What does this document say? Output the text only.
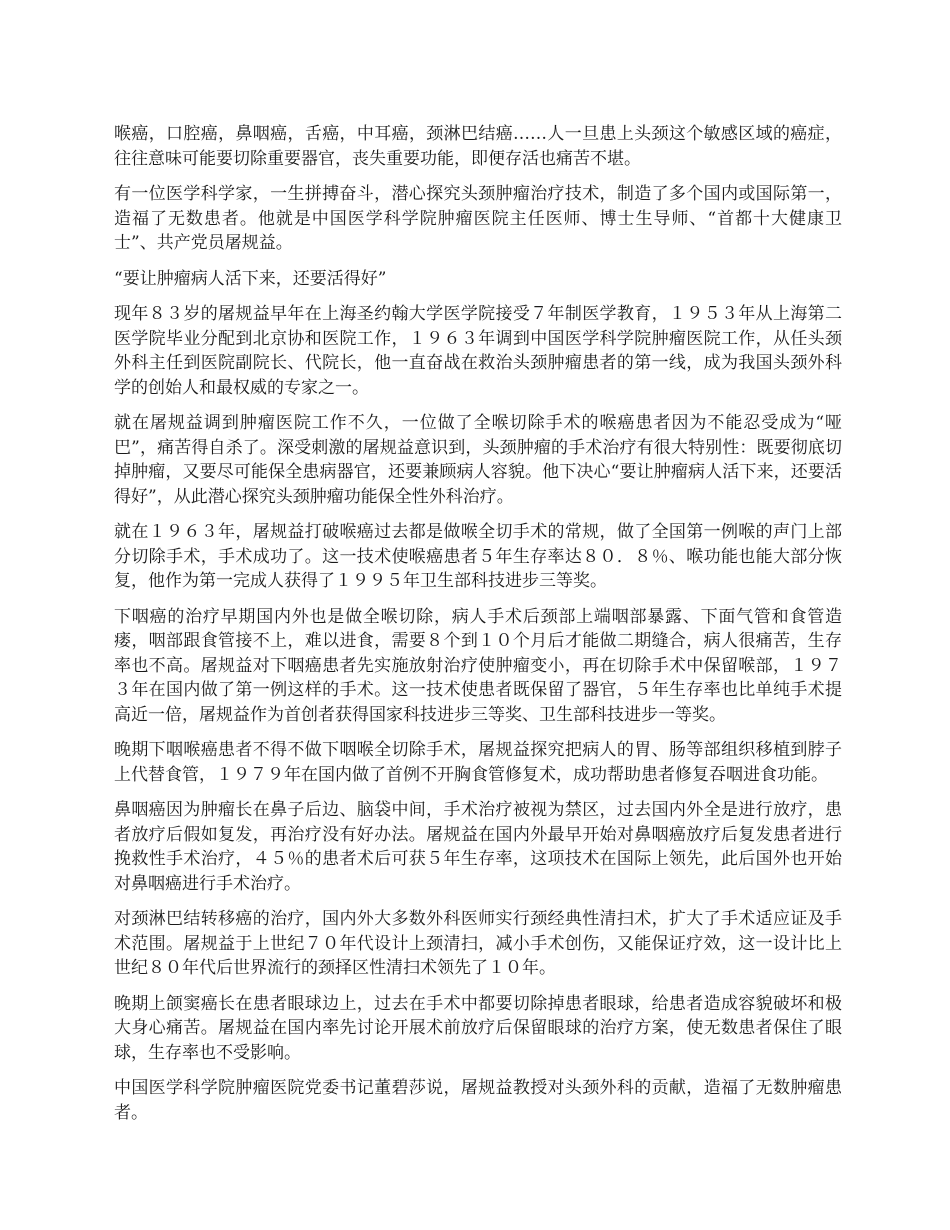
喉癌，口腔癌，鼻咽癌，舌癌，中耳癌，颈淋巴结癌……人一旦患上头颈这个敏感区域的癌症，往往意味可能要切除重要器官，丧失重要功能，即便存活也痛苦不堪。

有一位医学科学家，一生拼搏奋斗，潜心探究头颈肿瘤治疗技术，制造了多个国内或国际第一，造福了无数患者。他就是中国医学科学院肿瘤医院主任医师、博士生导师、“首都十大健康卫士”、共产党员屠规益。

“要让肿瘤病人活下来，还要活得好”

现年８３岁的屠规益早年在上海圣约翰大学医学院接受７年制医学教育，１９５３年从上海第二医学院毕业分配到北京协和医院工作，１９６３年调到中国医学科学院肿瘤医院工作，从任头颈外科主任到医院副院长、代院长，他一直奋战在救治头颈肿瘤患者的第一线，成为我国头颈外科学的创始人和最权威的专家之一。

就在屠规益调到肿瘤医院工作不久，一位做了全喉切除手术的喉癌患者因为不能忍受成为“哑巴”，痛苦得自杀了。深受刺激的屠规益意识到，头颈肿瘤的手术治疗有很大特别性：既要彻底切掉肿瘤，又要尽可能保全患病器官，还要兼顾病人容貌。他下决心“要让肿瘤病人活下来，还要活得好”，从此潜心探究头颈肿瘤功能保全性外科治疗。

就在１９６３年，屠规益打破喉癌过去都是做喉全切手术的常规，做了全国第一例喉的声门上部分切除手术，手术成功了。这一技术使喉癌患者５年生存率达８０．８％、喉功能也能大部分恢复，他作为第一完成人获得了１９９５年卫生部科技进步三等奖。

下咽癌的治疗早期国内外也是做全喉切除，病人手术后颈部上端咽部暴露、下面气管和食管造瘘，咽部跟食管接不上，难以进食，需要８个到１０个月后才能做二期缝合，病人很痛苦，生存率也不高。屠规益对下咽癌患者先实施放射治疗使肿瘤变小，再在切除手术中保留喉部，１９７３年在国内做了第一例这样的手术。这一技术使患者既保留了器官，５年生存率也比单纯手术提高近一倍，屠规益作为首创者获得国家科技进步三等奖、卫生部科技进步一等奖。

晚期下咽喉癌患者不得不做下咽喉全切除手术，屠规益探究把病人的胃、肠等部组织移植到脖子上代替食管，１９７９年在国内做了首例不开胸食管修复术，成功帮助患者修复吞咽进食功能。

鼻咽癌因为肿瘤长在鼻子后边、脑袋中间，手术治疗被视为禁区，过去国内外全是进行放疗，患者放疗后假如复发，再治疗没有好办法。屠规益在国内外最早开始对鼻咽癌放疗后复发患者进行挽救性手术治疗，４５％的患者术后可获５年生存率，这项技术在国际上领先，此后国外也开始对鼻咽癌进行手术治疗。

对颈淋巴结转移癌的治疗，国内外大多数外科医师实行颈经典性清扫术，扩大了手术适应证及手术范围。屠规益于上世纪７０年代设计上颈清扫，减小手术创伤，又能保证疗效，这一设计比上世纪８０年代后世界流行的颈择区性清扫术领先了１０年。

晚期上颌窦癌长在患者眼球边上，过去在手术中都要切除掉患者眼球，给患者造成容貌破坏和极大身心痛苦。屠规益在国内率先讨论开展术前放疗后保留眼球的治疗方案，使无数患者保住了眼球，生存率也不受影响。

中国医学科学院肿瘤医院党委书记董碧莎说，屠规益教授对头颈外科的贡献，造福了无数肿瘤患者。
